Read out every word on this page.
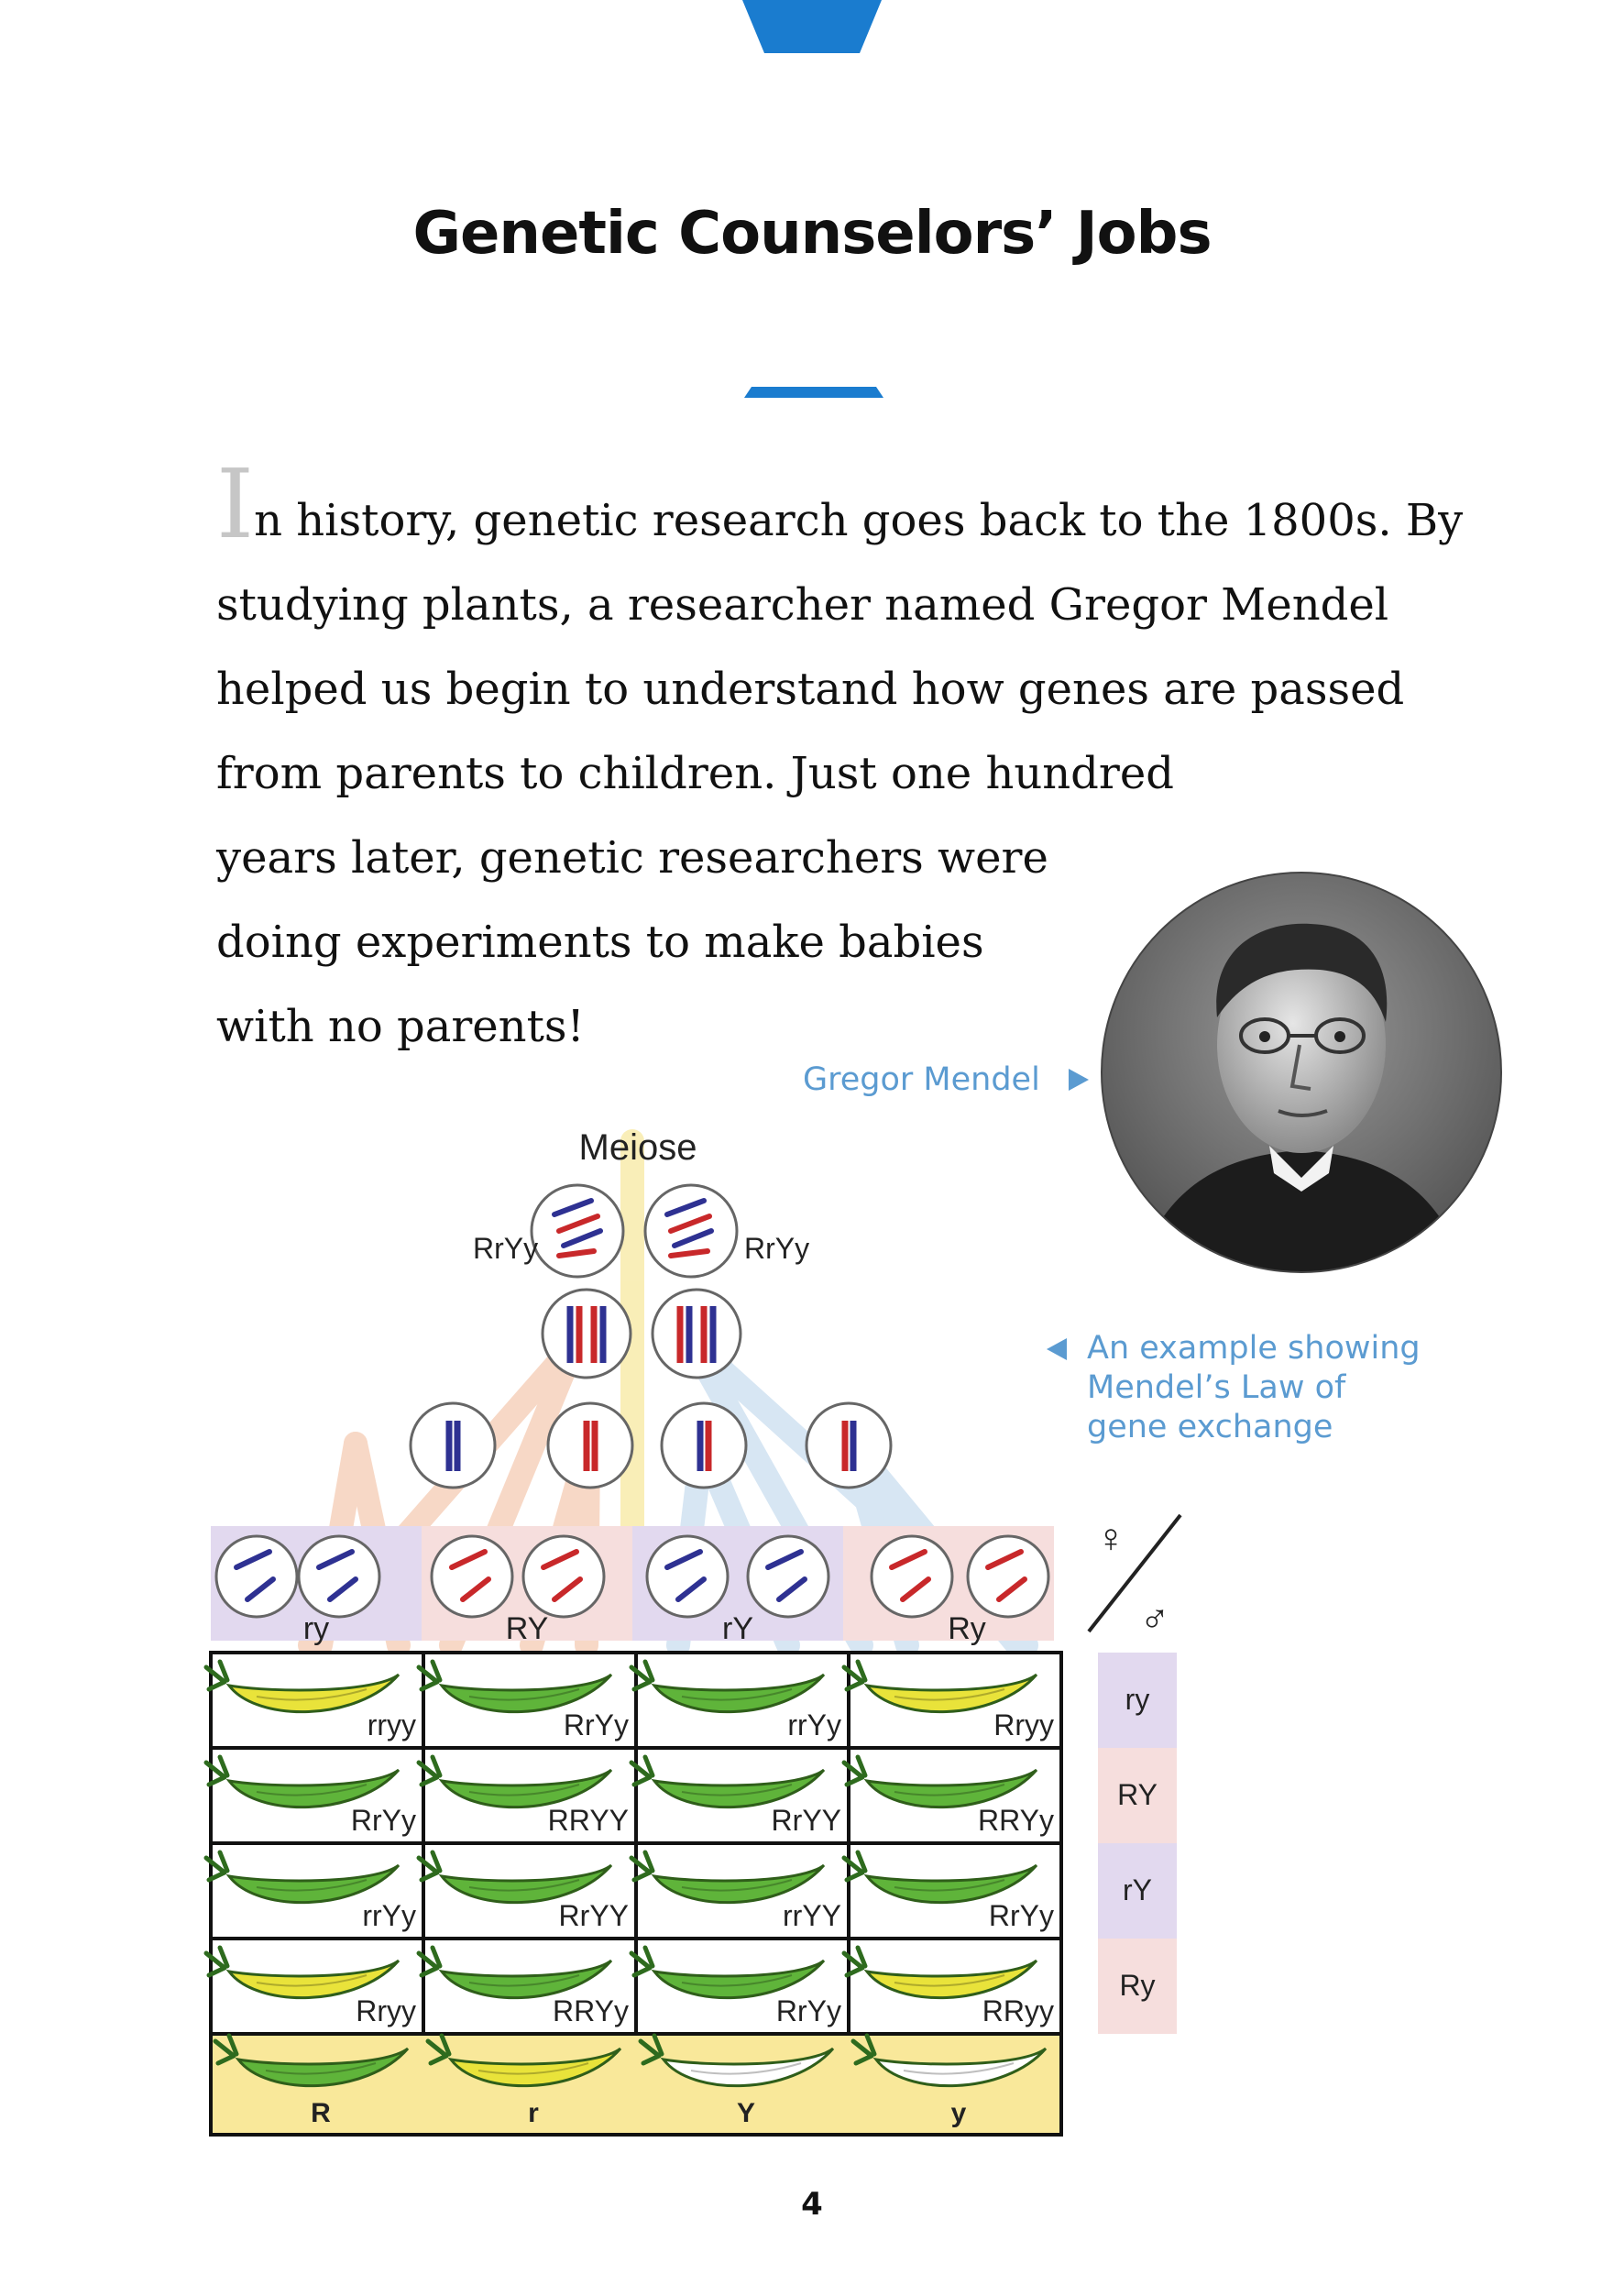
Genetic Counselors’ Jobs
In history, genetic research goes back to the 1800s. By
studying plants, a researcher named Gregor Mendel
helped us begin to understand how genes are passed
from parents to children. Just one hundred
years later, genetic researchers were
doing experiments to make babies
with no parents!
Gregor Mendel
An example showing
Mendel’s Law of
gene exchange
Meiose
RrYy	RrYy
ry	RY	rY	Ry
♀
♂
rryy	RrYy	rrYy	Rryy
RrYy	RRYY	RrYY	RRYy
rrYy	RrYY	rrYY	RrYy
Rryy	RRYy	RrYy	RRyy
ry
RY
rY
Ry
R	r	Y	y
4
